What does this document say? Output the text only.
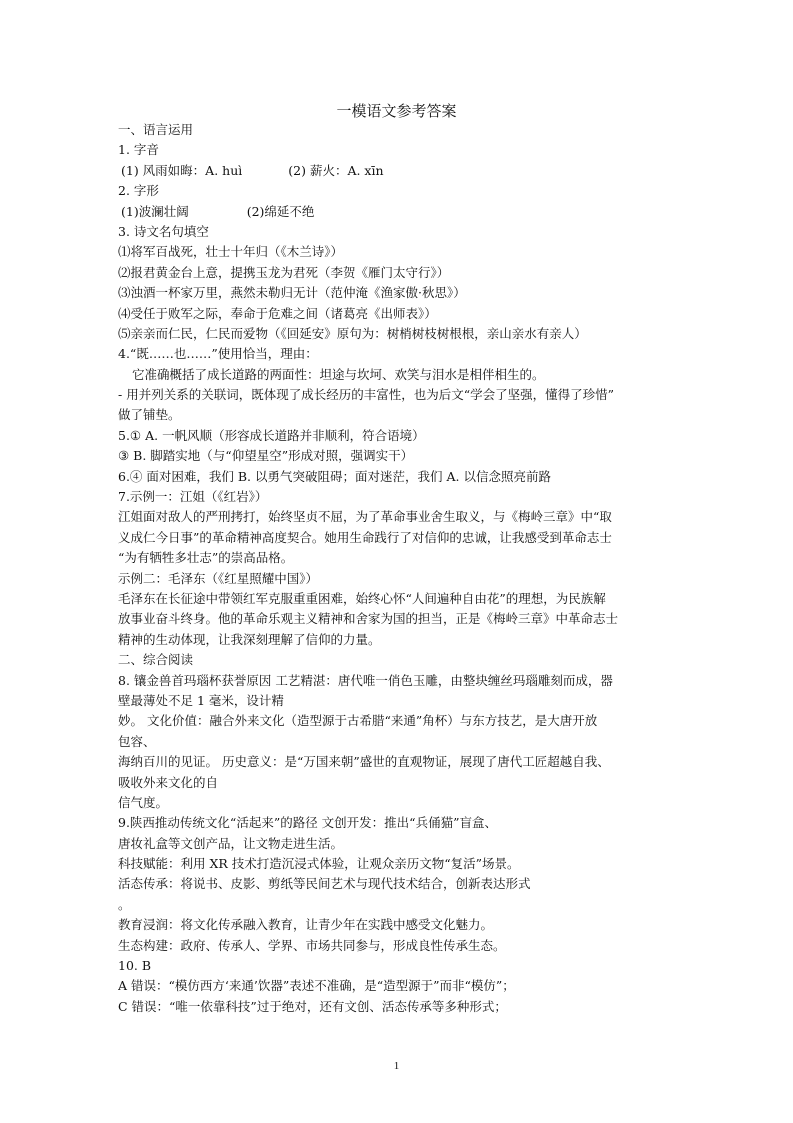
一模语文参考答案
一、语言运用
1. 字音
(1) 风雨如晦：A. huì	(2) 薪火：A. xīn
2. 字形
(1)波澜壮阔	(2)绵延不绝
3. 诗文名句填空
⑴将军百战死，壮士十年归（《木兰诗》）
⑵报君黄金台上意，提携玉龙为君死（李贺《雁门太守行》）
⑶浊酒一杯家万里，燕然未勒归无计（范仲淹《渔家傲·秋思》）
⑷受任于败军之际，奉命于危难之间（诸葛亮《出师表》）
⑸亲亲而仁民，仁民而爱物（《回延安》原句为：树梢树枝树根根，亲山亲水有亲人）
4.“既……也……”使用恰当，理由：
它准确概括了成长道路的两面性：坦途与坎坷、欢笑与泪水是相伴相生的。
- 用并列关系的关联词，既体现了成长经历的丰富性，也为后文“学会了坚强，懂得了珍惜”
做了铺垫。
5.① A. 一帆风顺（形容成长道路并非顺利，符合语境）
③ B. 脚踏实地（与“仰望星空”形成对照，强调实干）
6.④ 面对困难，我们 B. 以勇气突破阻碍；面对迷茫，我们 A. 以信念照亮前路
7.示例一：江姐（《红岩》）
江姐面对敌人的严刑拷打，始终坚贞不屈，为了革命事业舍生取义，与《梅岭三章》中“取
义成仁今日事”的革命精神高度契合。她用生命践行了对信仰的忠诚，让我感受到革命志士
“为有牺牲多壮志”的崇高品格。
示例二：毛泽东（《红星照耀中国》）
毛泽东在长征途中带领红军克服重重困难，始终心怀“人间遍种自由花”的理想，为民族解
放事业奋斗终身。他的革命乐观主义精神和舍家为国的担当，正是《梅岭三章》中革命志士
精神的生动体现，让我深刻理解了信仰的力量。
二、综合阅读
8. 镶金兽首玛瑙杯获誉原因 工艺精湛：唐代唯一俏色玉雕，由整块缠丝玛瑙雕刻而成，器
壁最薄处不足 1 毫米，设计精
妙。 文化价值：融合外来文化（造型源于古希腊“来通”角杯）与东方技艺，是大唐开放
包容、
海纳百川的见证。 历史意义：是“万国来朝”盛世的直观物证，展现了唐代工匠超越自我、
吸收外来文化的自
信气度。
9.陕西推动传统文化“活起来”的路径 文创开发：推出“兵俑猫”盲盒、
唐妆礼盒等文创产品，让文物走进生活。
科技赋能：利用 XR 技术打造沉浸式体验，让观众亲历文物“复活”场景。
活态传承：将说书、皮影、剪纸等民间艺术与现代技术结合，创新表达形式
。
教育浸润：将文化传承融入教育，让青少年在实践中感受文化魅力。
生态构建：政府、传承人、学界、市场共同参与，形成良性传承生态。
10. B
A 错误：“模仿西方‘来通’饮器”表述不准确，是“造型源于”而非“模仿”；
C 错误：“唯一依靠科技”过于绝对，还有文创、活态传承等多种形式；
1
